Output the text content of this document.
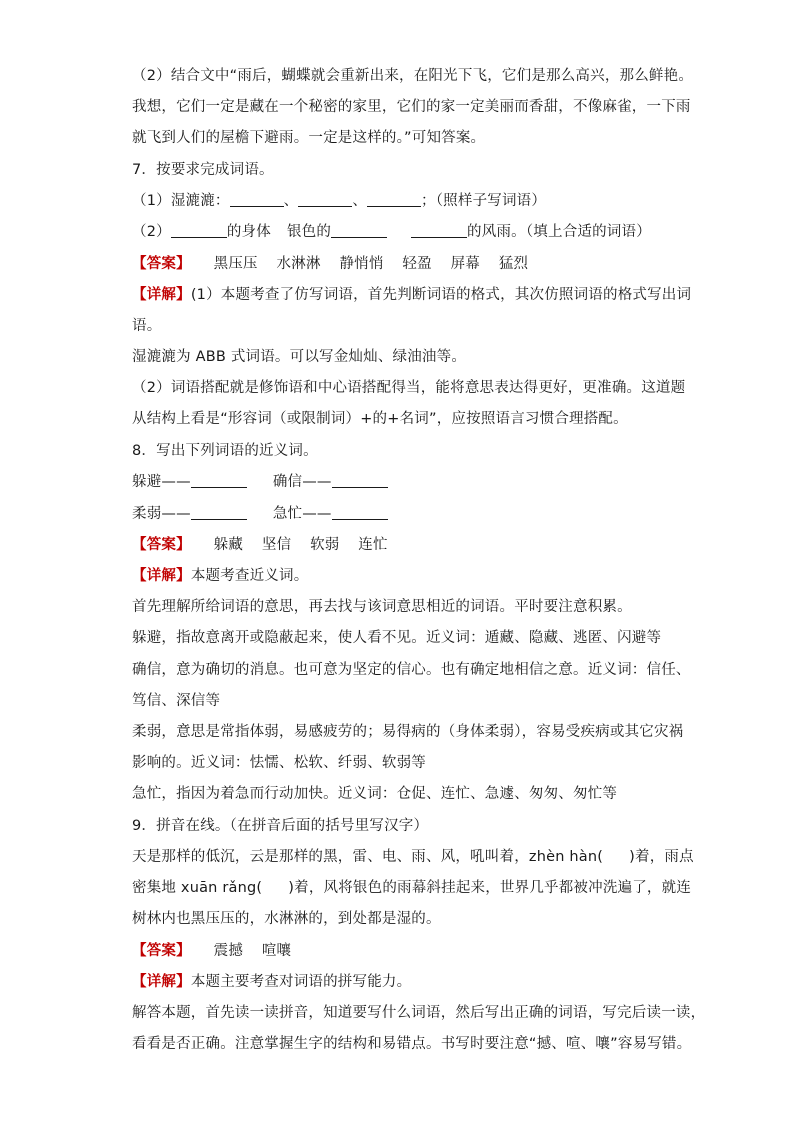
（2）结合文中“雨后，蝴蝶就会重新出来，在阳光下飞，它们是那么高兴，那么鲜艳。
我想，它们一定是藏在一个秘密的家里，它们的家一定美丽而香甜，不像麻雀，一下雨
就飞到人们的屋檐下避雨。一定是这样的。”可知答案。
7．按要求完成词语。
（1）湿漉漉：	、	、	；（照样子写词语）
（2）	的身体 银色的	的风雨。（填上合适的词语）
【答案】 黑压压 水淋淋 静悄悄 轻盈 屏幕 猛烈
【详解】(1）本题考查了仿写词语，首先判断词语的格式，其次仿照词语的格式写出词
语。
湿漉漉为 ABB 式词语。可以写金灿灿、绿油油等。
（2）词语搭配就是修饰语和中心语搭配得当，能将意思表达得更好，更准确。这道题
从结构上看是“形容词（或限制词）+的+名词”，应按照语言习惯合理搭配。
8．写出下列词语的近义词。
躲避——	确信——
柔弱——	急忙——
【答案】 躲藏 坚信 软弱 连忙
【详解】本题考查近义词。
首先理解所给词语的意思，再去找与该词意思相近的词语。平时要注意积累。
躲避，指故意离开或隐蔽起来，使人看不见。近义词：遁藏、隐藏、逃匿、闪避等
确信，意为确切的消息。也可意为坚定的信心。也有确定地相信之意。近义词：信任、
笃信、深信等
柔弱，意思是常指体弱，易感疲劳的；易得病的（身体柔弱），容易受疾病或其它灾祸
影响的。近义词：怯懦、松软、纤弱、软弱等
急忙，指因为着急而行动加快。近义词：仓促、连忙、急遽、匆匆、匆忙等
9．拼音在线。（在拼音后面的括号里写汉字）
天是那样的低沉，云是那样的黑，雷、电、雨、风，吼叫着，zhèn hàn( )着，雨点
密集地 xuān rǎng( )着，风将银色的雨幕斜挂起来，世界几乎都被冲洗遍了，就连
树林内也黑压压的，水淋淋的，到处都是湿的。
【答案】 震撼 喧嚷
【详解】本题主要考查对词语的拼写能力。
解答本题，首先读一读拼音，知道要写什么词语，然后写出正确的词语，写完后读一读，
看看是否正确。注意掌握生字的结构和易错点。书写时要注意“撼、喧、嚷”容易写错。
